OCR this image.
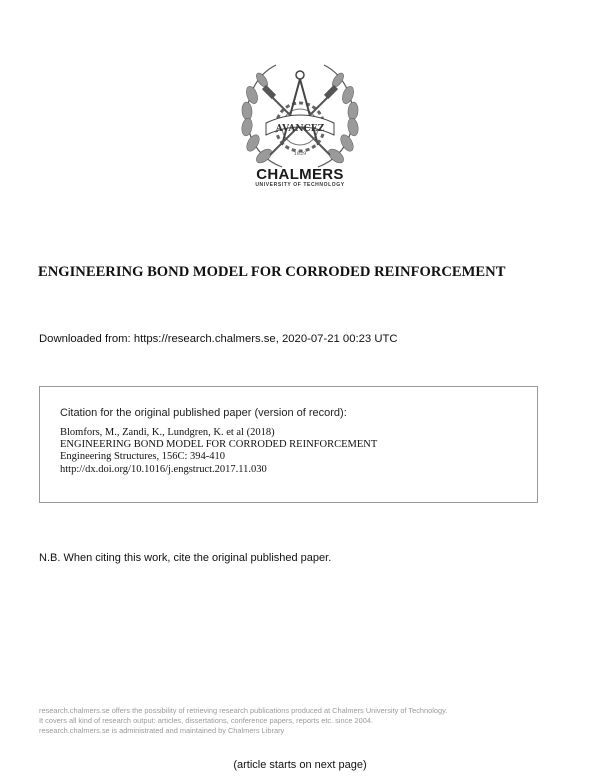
AVANCEZ
1829
CHALMERS
UNIVERSITY OF TECHNOLOGY
ENGINEERING BOND MODEL FOR CORRODED REINFORCEMENT
Downloaded from: https://research.chalmers.se, 2020-07-21 00:23 UTC
Citation for the original published paper (version of record):
Blomfors, M., Zandi, K., Lundgren, K. et al (2018)
ENGINEERING BOND MODEL FOR CORRODED REINFORCEMENT
Engineering Structures, 156C: 394-410
http://dx.doi.org/10.1016/j.engstruct.2017.11.030
N.B. When citing this work, cite the original published paper.
research.chalmers.se offers the possibility of retrieving research publications produced at Chalmers University of Technology.
It covers all kind of research output: articles, dissertations, conference papers, reports etc. since 2004.
research.chalmers.se is administrated and maintained by Chalmers Library
(article starts on next page)
